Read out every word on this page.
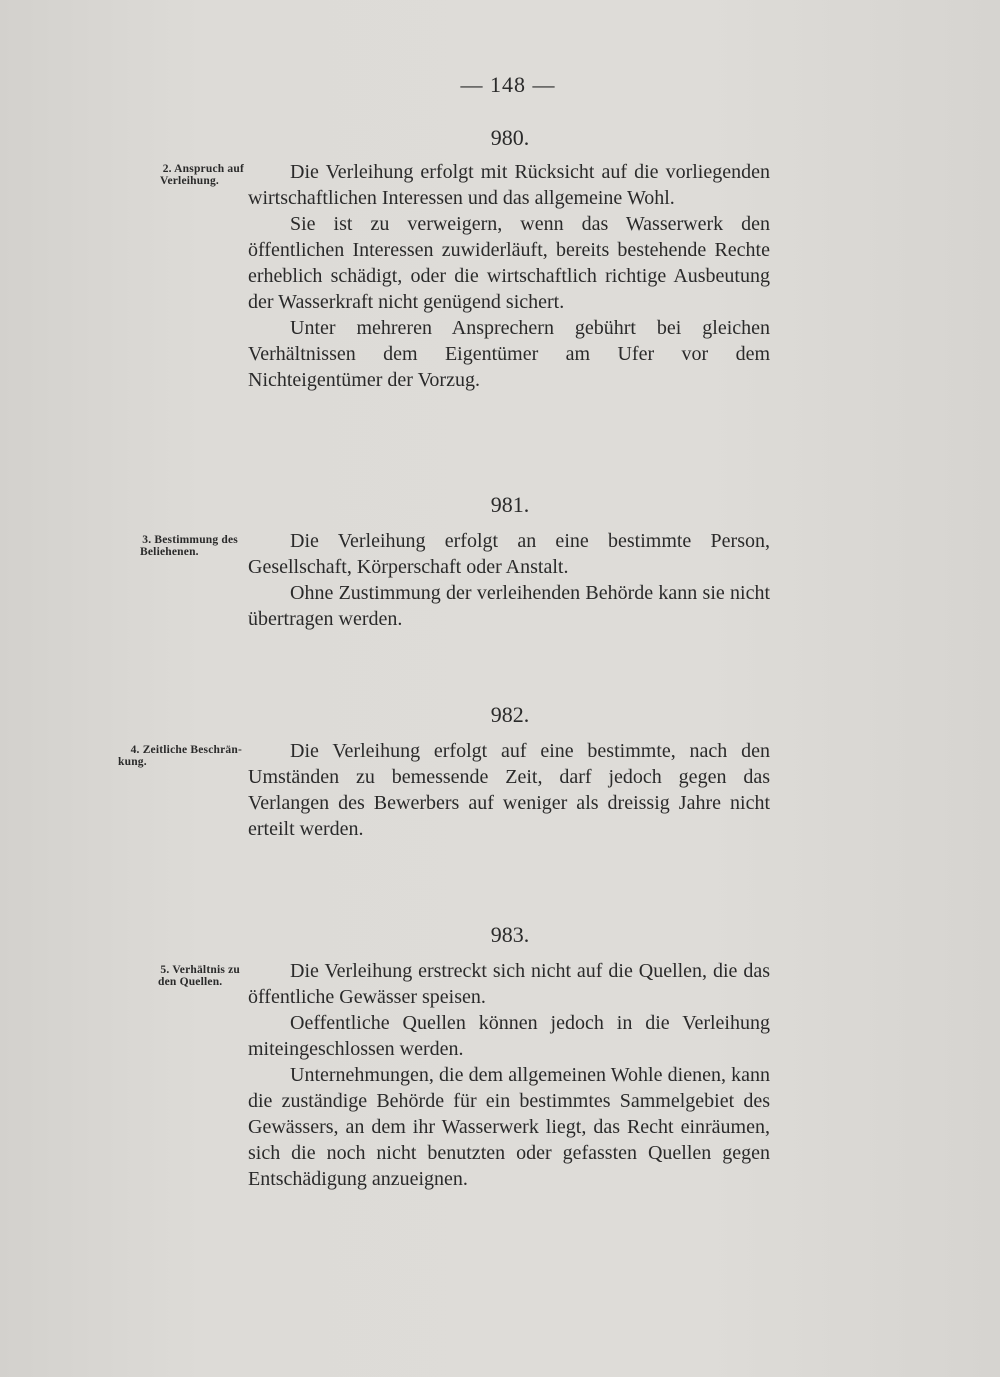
— 148 —
980.
2. Anspruch auf
Verleihung.	Die Verleihung erfolgt mit Rücksicht auf die vorliegenden wirtschaftlichen Interessen und das allgemeine Wohl.

Sie ist zu verweigern, wenn das Wasserwerk den öffentlichen Interessen zuwiderläuft, bereits bestehende Rechte erheblich schädigt, oder die wirtschaftlich richtige Ausbeutung der Wasserkraft nicht genügend sichert.

Unter mehreren Ansprechern gebührt bei gleichen Verhältnissen dem Eigentümer am Ufer vor dem Nichteigentümer der Vorzug.

981.
3. Bestimmung des
Beliehenen.	Die Verleihung erfolgt an eine bestimmte Person, Gesellschaft, Körperschaft oder Anstalt.

Ohne Zustimmung der verleihenden Behörde kann sie nicht übertragen werden.

982.
4. Zeitliche Beschrän-
kung.	Die Verleihung erfolgt auf eine bestimmte, nach den Umständen zu bemessende Zeit, darf jedoch gegen das Verlangen des Bewerbers auf weniger als dreissig Jahre nicht erteilt werden.

983.
5. Verhältnis zu
den Quellen.	Die Verleihung erstreckt sich nicht auf die Quellen, die das öffentliche Gewässer speisen.

Oeffentliche Quellen können jedoch in die Verleihung miteingeschlossen werden.

Unternehmungen, die dem allgemeinen Wohle dienen, kann die zuständige Behörde für ein bestimmtes Sammelgebiet des Gewässers, an dem ihr Wasserwerk liegt, das Recht einräumen, sich die noch nicht benutzten oder gefassten Quellen gegen Entschädigung anzueignen.
